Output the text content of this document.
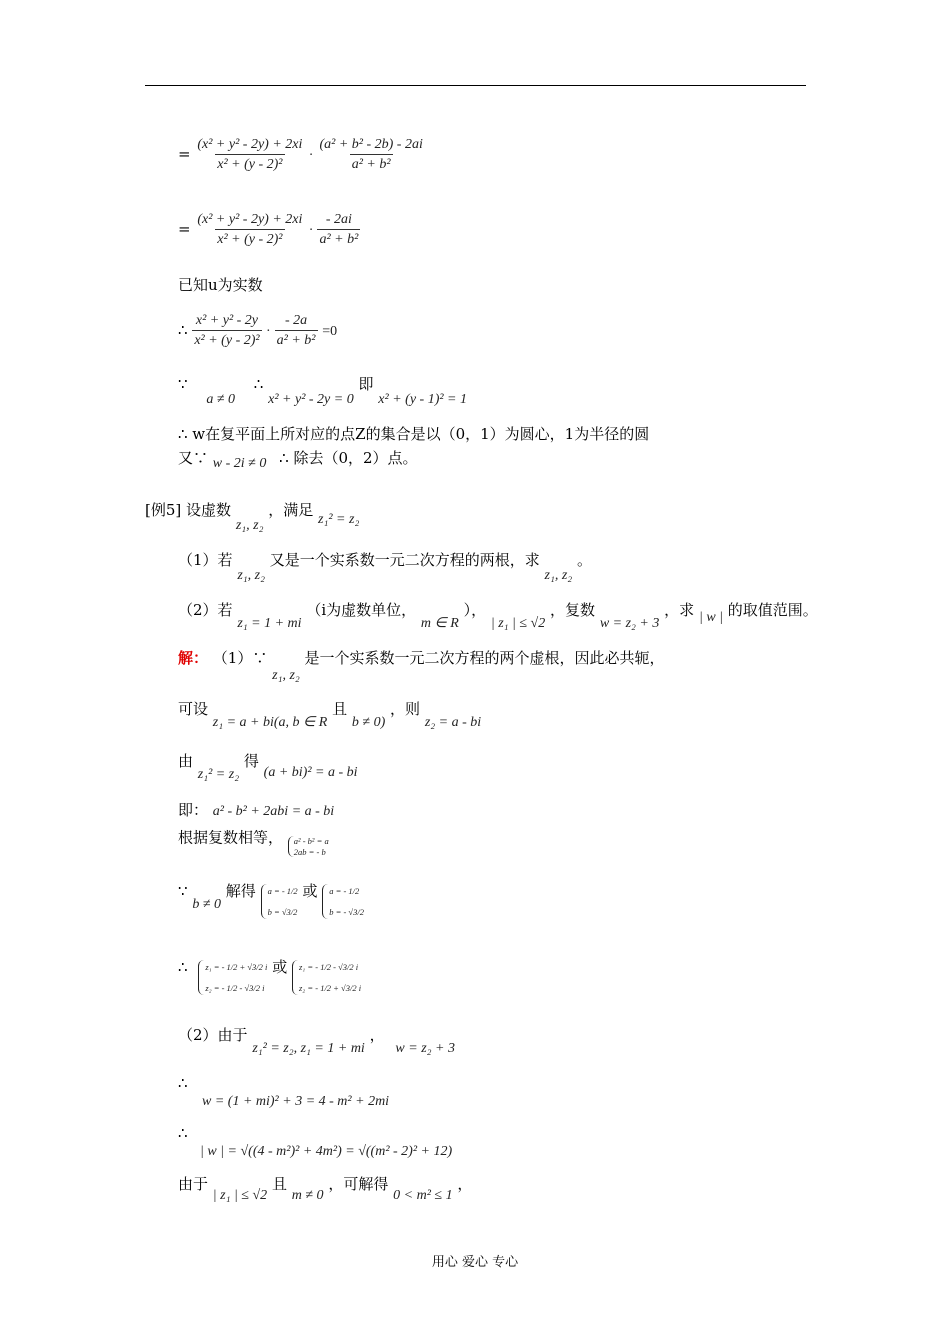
= $\frac{\text{(x² + y² - 2y) + 2xi}}{\text{x² + (y - 2)²}} \cdot \frac{\text{(a² + b² - 2b) - 2ai}}{\text{a² + b²}}$
= $\frac{\text{(x² + y² - 2y) + 2xi}}{\text{x² + (y - 2)²}} \cdot \frac{- 2ai}{\text{a² + b²}}$
已知u为实数
∴ $\frac{\text{x² + y² - 2y}}{\text{x² + (y - 2)²}} \cdot \frac{- 2a}{\text{a² + b²}} =0$
∵ a ≠ 0 ∴ x² + y² - 2y = 0 即 x² + (y - 1)² = 1
∴ w在复平面上所对应的点Z的集合是以（0，1）为圆心，1为半径的圆
又∵ w - 2i ≠ 0 ∴ 除去（0，2）点。
[例5] 设虚数 z₁, z₂ ，满足 z₁² = z₂
（1）若 z₁, z₂ 又是一个实系数一元二次方程的两根，求 z₁, z₂ 。
（2）若 z₁ = 1 + mi （i为虚数单位， m ∈ R ）， | z₁ | ≤ √2 ，复数 w = z₂ + 3 ，求 | w | 的取值范围。
解： （1）∵ z₁, z₂ 是一个实系数一元二次方程的两个虚根，因此必共轭，
可设 z₁ = a + bi(a, b ∈ R 且 b ≠ 0) ，则 z₂ = a - bi
由 z₁² = z₂ 得 (a + bi)² = a - bi
即： a² - b² + 2abi = a - bi
根据复数相等， a² - b² = a
2ab = - b
∵ b ≠ 0 解得 a = - 1/2
b = √3/2
或 a = - 1/2
b = - √3/2
∴ z₁ = - 1/2 + √3/2 i
z₂ = - 1/2 - √3/2 i
或 z₁ = - 1/2 - √3/2 i
z₂ = - 1/2 + √3/2 i
（2）由于 z₁² = z₂, z₁ = 1 + mi ， w = z₂ + 3
∴
w = (1 + mi)² + 3 = 4 - m² + 2mi
∴
| w | = √((4 - m²)² + 4m²) = √((m² - 2)² + 12)
由于 | z₁ | ≤ √2 且 m ≠ 0 ，可解得 0 < m² ≤ 1 ，
用心 爱心 专心
